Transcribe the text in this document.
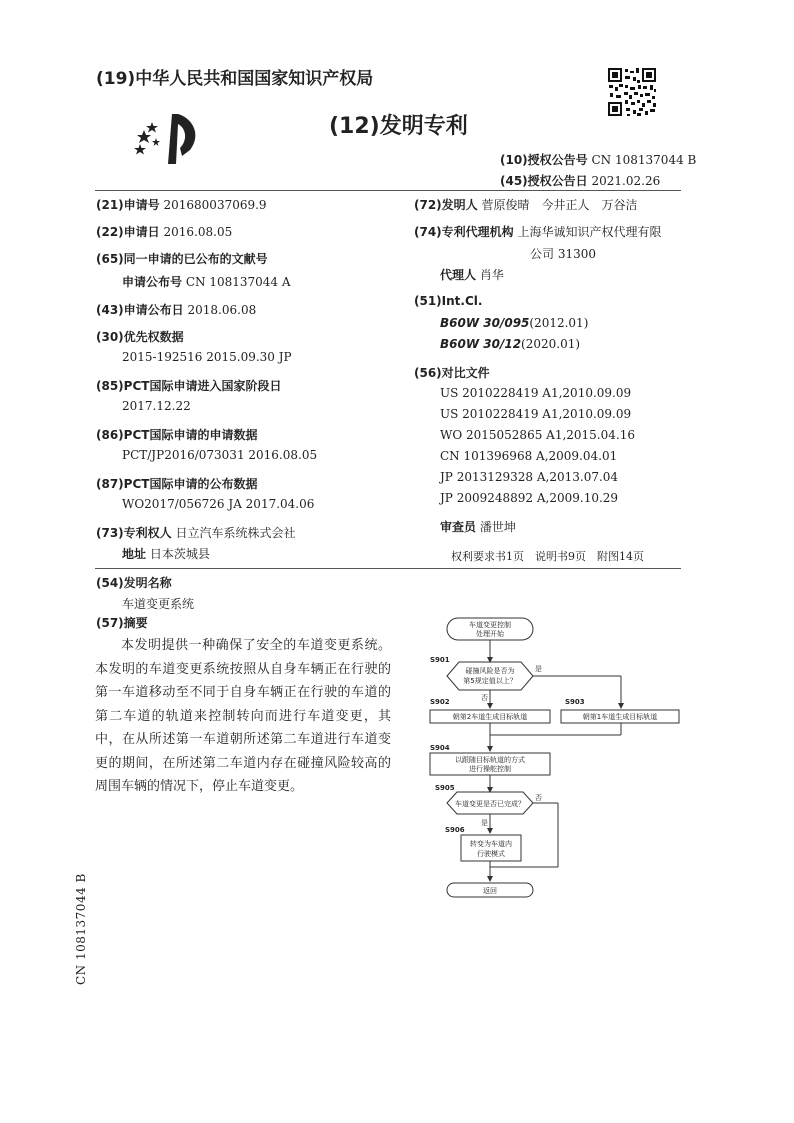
(19)中华人民共和国国家知识产权局
(12)发明专利
(10)授权公告号 CN 108137044 B
(45)授权公告日 2021.02.26
(21)申请号 201680037069.9
(22)申请日 2016.08.05
(65)同一申请的已公布的文献号
申请公布号 CN 108137044 A
(43)申请公布日 2018.06.08
(30)优先权数据
2015-192516 2015.09.30 JP
(85)PCT国际申请进入国家阶段日
2017.12.22
(86)PCT国际申请的申请数据
PCT/JP2016/073031 2016.08.05
(87)PCT国际申请的公布数据
WO2017/056726 JA 2017.04.06
(73)专利权人 日立汽车系统株式会社
地址 日本茨城县
(72)发明人 菅原俊晴　今井正人　万谷洁
(74)专利代理机构 上海华诚知识产权代理有限
公司 31300
代理人 肖华
(51)Int.Cl.
B60W 30/095(2012.01)
B60W 30/12(2020.01)
(56)对比文件
US 2010228419 A1,2010.09.09
US 2010228419 A1,2010.09.09
WO 2015052865 A1,2015.04.16
CN 101396968 A,2009.04.01
JP 2013129328 A,2013.07.04
JP 2009248892 A,2009.10.29
审查员 潘世坤
权利要求书1页　说明书9页　附图14页
(54)发明名称
车道变更系统
(57)摘要
本发明提供一种确保了安全的车道变更系统。本发明的车道变更系统按照从自身车辆正在行驶的第一车道移动至不同于自身车辆正在行驶的车道的第二车道的轨道来控制转向而进行车道变更，其中，在从所述第一车道朝所述第二车道进行车道变更的期间，在所述第二车道内存在碰撞风险较高的周围车辆的情况下，停止车道变更。
车道变更控制
处理开始
碰撞风险是否为
第5规定值以上？
朝第2车道生成目标轨道	朝第1车道生成目标轨道
以跟随目标轨道的方式
进行操舵控制
车道变更是否已完成？
转变为车道内
行驶模式
返回
S901
S902	S903
S904
S905
S906
是
否
否
是
CN 108137044 B
